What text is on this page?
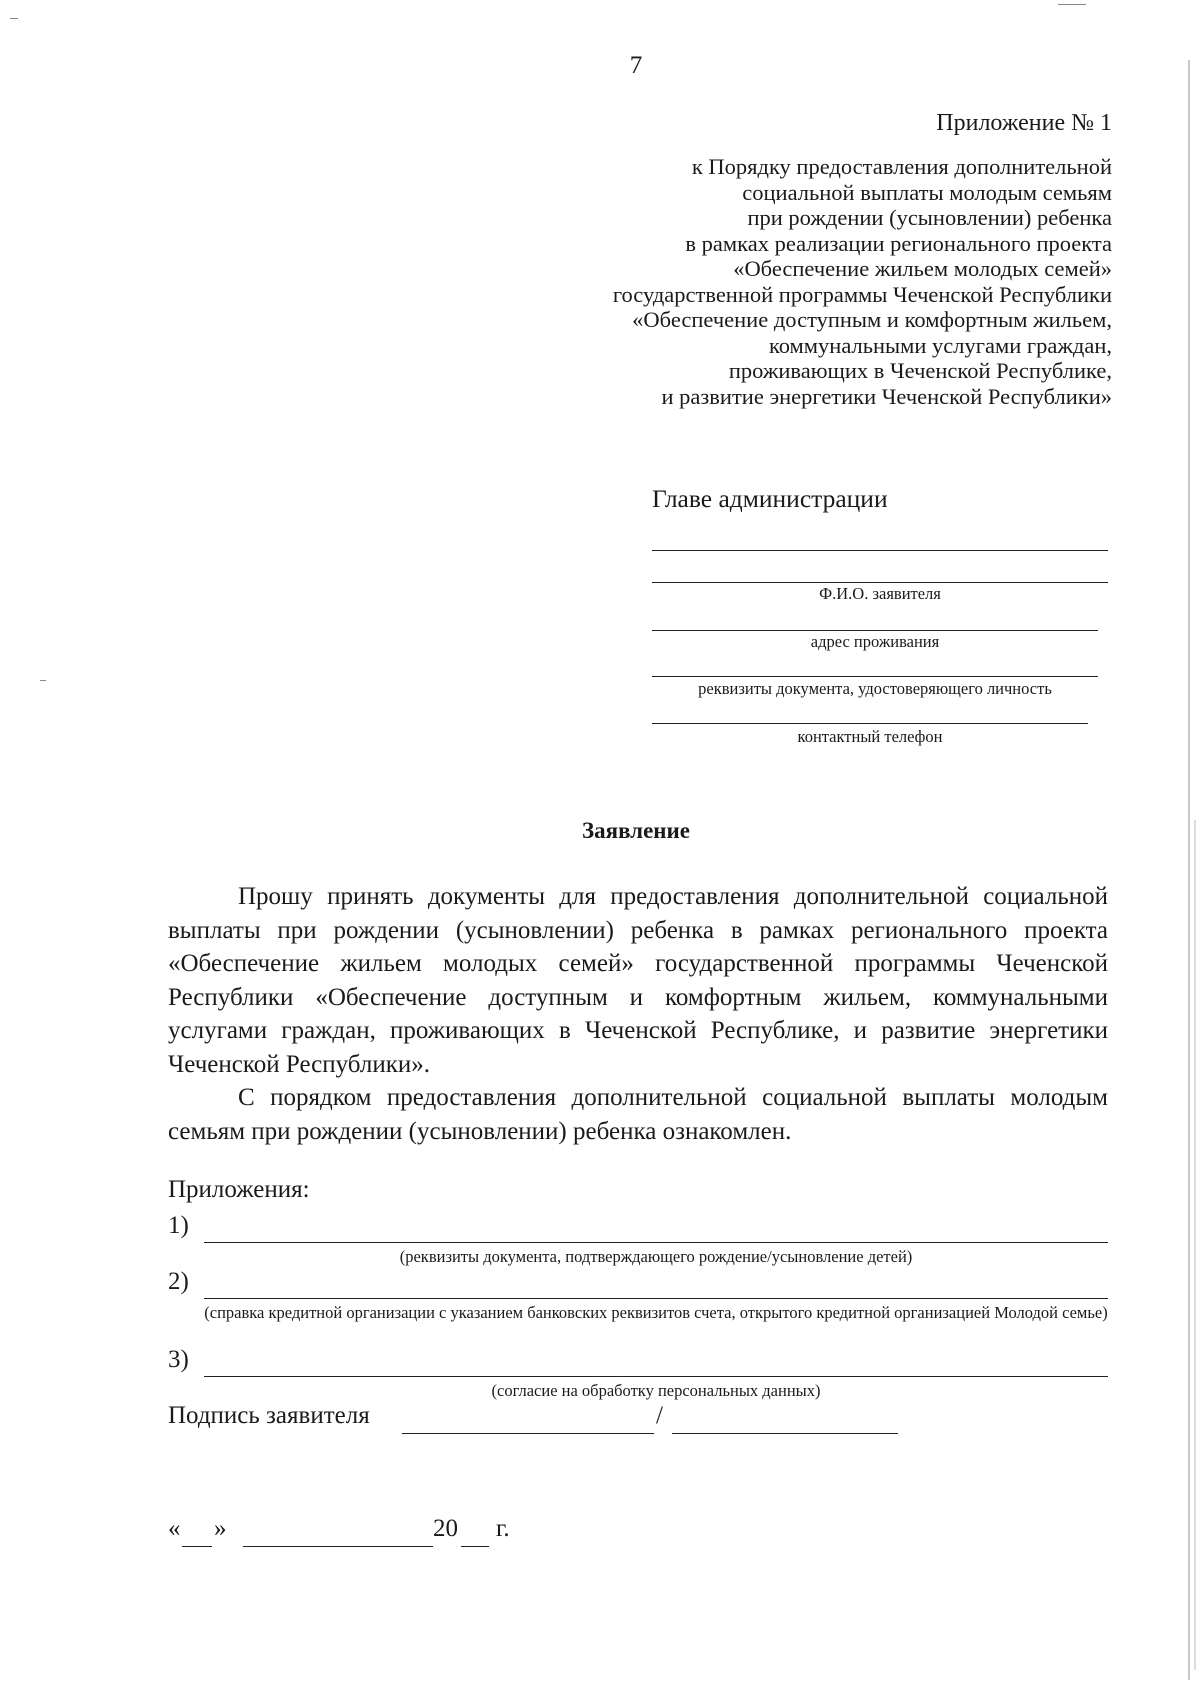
7

Приложение № 1

к Порядку предоставления дополнительной
социальной выплаты молодым семьям
при рождении (усыновлении) ребенка
в рамках реализации регионального проекта
«Обеспечение жильем молодых семей»
государственной программы Чеченской Республики
«Обеспечение доступным и комфортным жильем,
коммунальными услугами граждан,
проживающих в Чеченской Республике,
и развитие энергетики Чеченской Республики»

Главе администрации

Ф.И.О. заявителя
адрес проживания
реквизиты документа, удостоверяющего личность
контактный телефон

Заявление

Прошу принять документы для предоставления дополнительной социальной выплаты при рождении (усыновлении) ребенка в рамках регионального проекта «Обеспечение жильем молодых семей» государственной программы Чеченской Республики «Обеспечение доступным и комфортным жильем, коммунальными услугами граждан, проживающих в Чеченской Республике, и развитие энергетики Чеченской Республики».

С порядком предоставления дополнительной социальной выплаты молодым семьям при рождении (усыновлении) ребенка ознакомлен.

Приложения:

1)
(реквизиты документа, подтверждающего рождение/усыновление детей)
2)
(справка кредитной организации с указанием банковских реквизитов счета, открытого кредитной организацией Молодой семье)
3)
(согласие на обработку персональных данных)
Подпись заявителя	/
« »	20 г.
